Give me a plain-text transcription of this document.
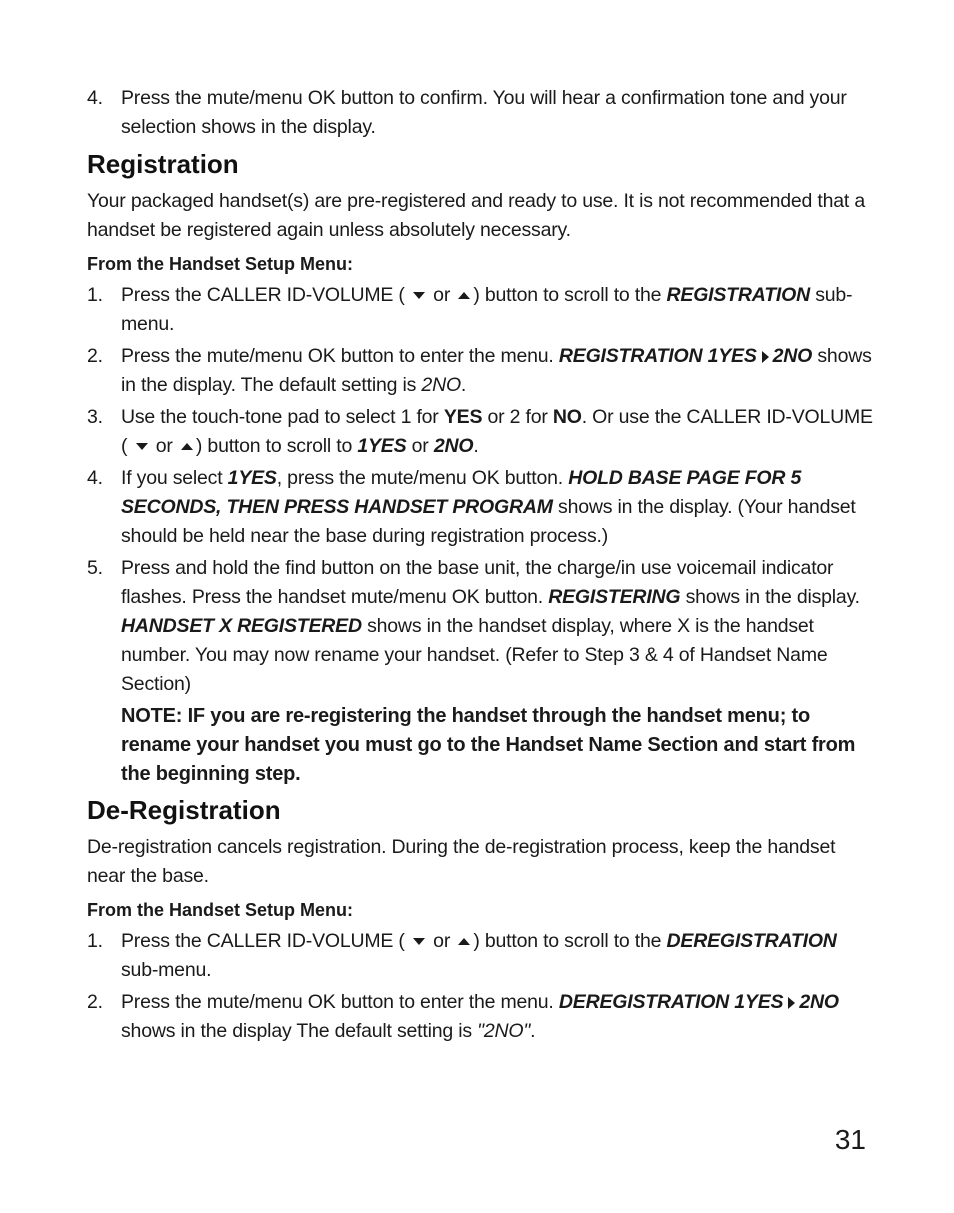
4. Press the mute/menu OK button to confirm. You will hear a confirmation tone and your selection shows in the display.
Registration
Your packaged handset(s) are pre-registered and ready to use. It is not recommended that a handset be registered again unless absolutely necessary.
From the Handset Setup Menu:
1. Press the CALLER ID-VOLUME ( or ) button to scroll to the REGISTRATION sub-menu.
2. Press the mute/menu OK button to enter the menu. REGISTRATION 1YES 2NO shows in the display. The default setting is 2NO.
3. Use the touch-tone pad to select 1 for YES or 2 for NO. Or use the CALLER ID-VOLUME ( or ) button to scroll to 1YES or 2NO.
4. If you select 1YES, press the mute/menu OK button. HOLD BASE PAGE FOR 5 SECONDS, THEN PRESS HANDSET PROGRAM shows in the display. (Your handset should be held near the base during registration process.)
5. Press and hold the find button on the base unit, the charge/in use voicemail indicator flashes. Press the handset mute/menu OK button. REGISTERING shows in the display. HANDSET X REGISTERED shows in the handset display, where X is the handset number. You may now rename your handset. (Refer to Step 3 & 4 of Handset Name Section)
NOTE: IF you are re-registering the handset through the handset menu; to rename your handset you must go to the Handset Name Section and start from the beginning step.
De-Registration
De-registration cancels registration. During the de-registration process, keep the handset near the base.
From the Handset Setup Menu:
1. Press the CALLER ID-VOLUME ( or ) button to scroll to the DEREGISTRATION sub-menu.
2. Press the mute/menu OK button to enter the menu. DEREGISTRATION 1YES 2NO shows in the display The default setting is "2NO".
31
